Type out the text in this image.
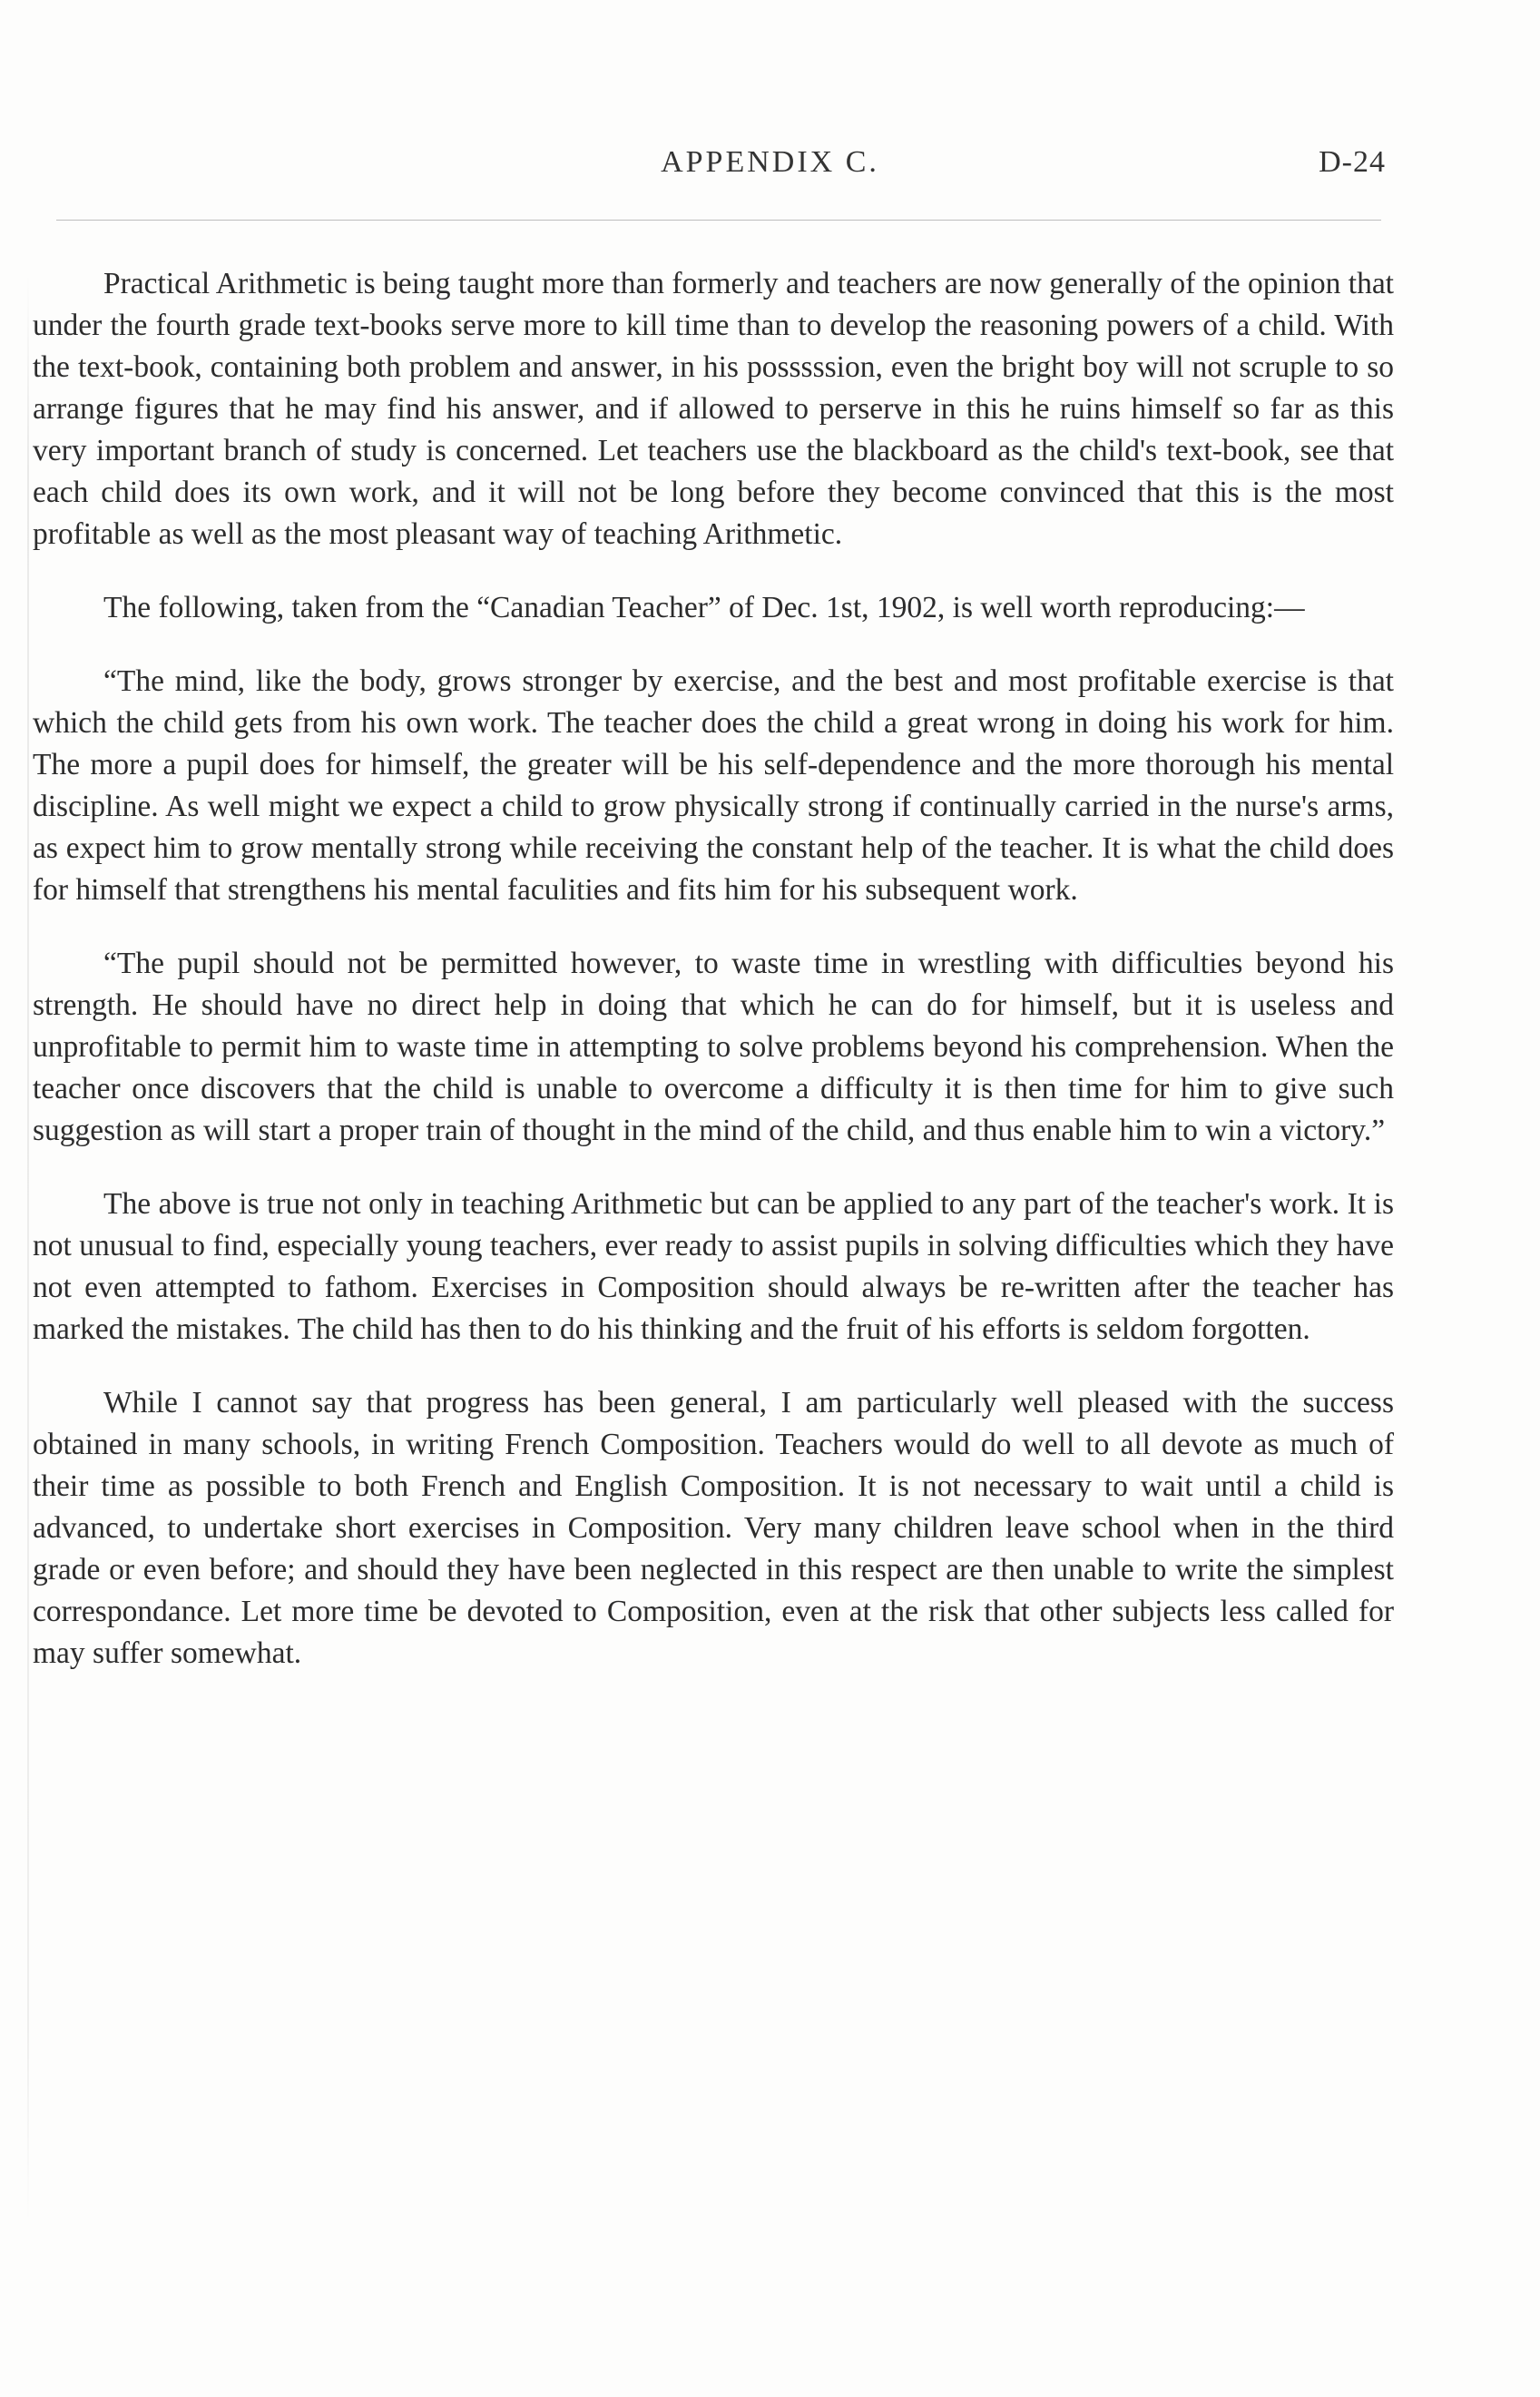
APPENDIX C.	D-24

Practical Arithmetic is being taught more than formerly and teachers are now generally of the opinion that under the fourth grade text-books serve more to kill time than to develop the reasoning powers of a child. With the text-book, containing both problem and answer, in his posssssion, even the bright boy will not scruple to so arrange figures that he may find his answer, and if allowed to perserve in this he ruins himself so far as this very important branch of study is concerned. Let teachers use the blackboard as the child's text-book, see that each child does its own work, and it will not be long before they become convinced that this is the most profitable as well as the most pleasant way of teaching Arithmetic.

The following, taken from the “Canadian Teacher” of Dec. 1st, 1902, is well worth reproducing:—

“The mind, like the body, grows stronger by exercise, and the best and most profitable exercise is that which the child gets from his own work. The teacher does the child a great wrong in doing his work for him. The more a pupil does for himself, the greater will be his self-dependence and the more thorough his mental discipline. As well might we expect a child to grow physically strong if continually carried in the nurse's arms, as expect him to grow mentally strong while receiving the constant help of the teacher. It is what the child does for himself that strengthens his mental faculities and fits him for his subsequent work.

“The pupil should not be permitted however, to waste time in wrestling with difficulties beyond his strength. He should have no direct help in doing that which he can do for himself, but it is useless and unprofitable to permit him to waste time in attempting to solve problems beyond his comprehension. When the teacher once discovers that the child is unable to overcome a difficulty it is then time for him to give such suggestion as will start a proper train of thought in the mind of the child, and thus enable him to win a victory.”

The above is true not only in teaching Arithmetic but can be applied to any part of the teacher's work. It is not unusual to find, especially young teachers, ever ready to assist pupils in solving difficulties which they have not even attempted to fathom. Exercises in Composition should always be re-written after the teacher has marked the mistakes. The child has then to do his thinking and the fruit of his efforts is seldom forgotten.

While I cannot say that progress has been general, I am particularly well pleased with the success obtained in many schools, in writing French Composition. Teachers would do well to all devote as much of their time as possible to both French and English Composition. It is not necessary to wait until a child is advanced, to undertake short exercises in Composition. Very many children leave school when in the third grade or even before; and should they have been neglected in this respect are then unable to write the simplest correspondance. Let more time be devoted to Composition, even at the risk that other subjects less called for may suffer somewhat.
